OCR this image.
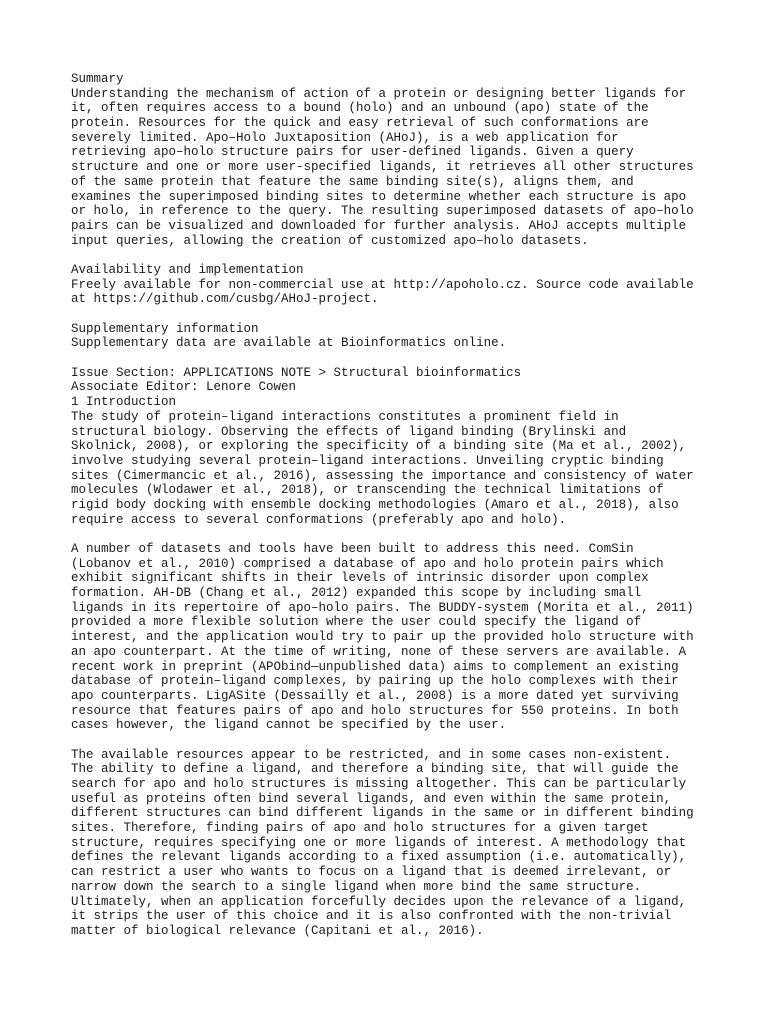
Summary
Understanding the mechanism of action of a protein or designing better ligands for
it, often requires access to a bound (holo) and an unbound (apo) state of the
protein. Resources for the quick and easy retrieval of such conformations are
severely limited. Apo–Holo Juxtaposition (AHoJ), is a web application for
retrieving apo–holo structure pairs for user-defined ligands. Given a query
structure and one or more user-specified ligands, it retrieves all other structures
of the same protein that feature the same binding site(s), aligns them, and
examines the superimposed binding sites to determine whether each structure is apo
or holo, in reference to the query. The resulting superimposed datasets of apo–holo
pairs can be visualized and downloaded for further analysis. AHoJ accepts multiple
input queries, allowing the creation of customized apo–holo datasets.
Availability and implementation
Freely available for non-commercial use at http://apoholo.cz. Source code available
at https://github.com/cusbg/AHoJ-project.
Supplementary information
Supplementary data are available at Bioinformatics online.
Issue Section: APPLICATIONS NOTE > Structural bioinformatics
Associate Editor: Lenore Cowen
1 Introduction
The study of protein–ligand interactions constitutes a prominent field in
structural biology. Observing the effects of ligand binding (Brylinski and
Skolnick, 2008), or exploring the specificity of a binding site (Ma et al., 2002),
involve studying several protein–ligand interactions. Unveiling cryptic binding
sites (Cimermancic et al., 2016), assessing the importance and consistency of water
molecules (Wlodawer et al., 2018), or transcending the technical limitations of
rigid body docking with ensemble docking methodologies (Amaro et al., 2018), also
require access to several conformations (preferably apo and holo).
A number of datasets and tools have been built to address this need. ComSin
(Lobanov et al., 2010) comprised a database of apo and holo protein pairs which
exhibit significant shifts in their levels of intrinsic disorder upon complex
formation. AH-DB (Chang et al., 2012) expanded this scope by including small
ligands in its repertoire of apo–holo pairs. The BUDDY-system (Morita et al., 2011)
provided a more flexible solution where the user could specify the ligand of
interest, and the application would try to pair up the provided holo structure with
an apo counterpart. At the time of writing, none of these servers are available. A
recent work in preprint (APObind—unpublished data) aims to complement an existing
database of protein–ligand complexes, by pairing up the holo complexes with their
apo counterparts. LigASite (Dessailly et al., 2008) is a more dated yet surviving
resource that features pairs of apo and holo structures for 550 proteins. In both
cases however, the ligand cannot be specified by the user.
The available resources appear to be restricted, and in some cases non-existent.
The ability to define a ligand, and therefore a binding site, that will guide the
search for apo and holo structures is missing altogether. This can be particularly
useful as proteins often bind several ligands, and even within the same protein,
different structures can bind different ligands in the same or in different binding
sites. Therefore, finding pairs of apo and holo structures for a given target
structure, requires specifying one or more ligands of interest. A methodology that
defines the relevant ligands according to a fixed assumption (i.e. automatically),
can restrict a user who wants to focus on a ligand that is deemed irrelevant, or
narrow down the search to a single ligand when more bind the same structure.
Ultimately, when an application forcefully decides upon the relevance of a ligand,
it strips the user of this choice and it is also confronted with the non-trivial
matter of biological relevance (Capitani et al., 2016).
